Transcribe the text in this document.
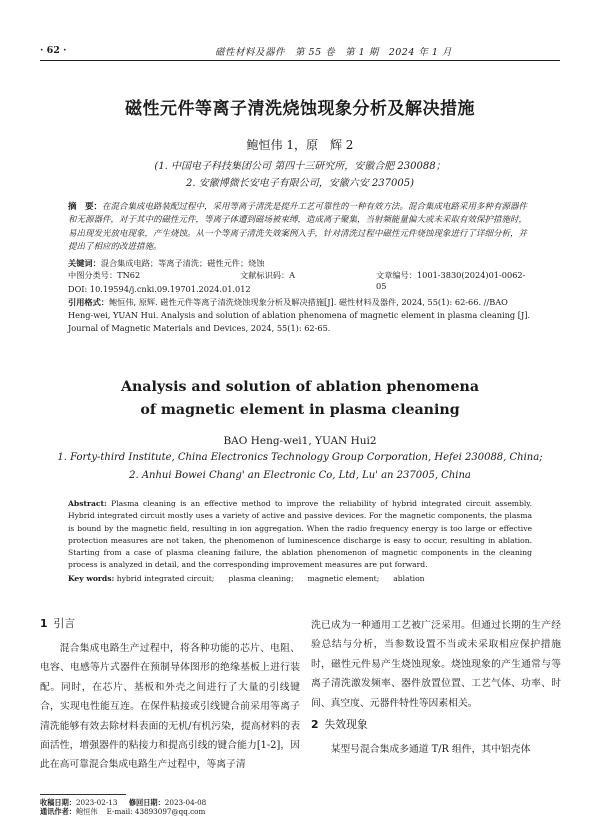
· 62 ·	磁性材料及器件　第 55 卷　第 1 期　2024 年 1 月
磁性元件等离子清洗烧蚀现象分析及解决措施
鲍恒伟 1，原　辉 2
(1. 中国电子科技集团公司 第四十三研究所，安徽合肥 230088；
2. 安徽博微长安电子有限公司，安徽六安 237005)
摘　要：在混合集成电路装配过程中，采用等离子清洗是提升工艺可靠性的一种有效方法。混合集成电路采用多种有源器件和无源器件，对于其中的磁性元件，等离子体遭到磁场被束缚，造成离子聚集，当射频能量偏大或未采取有效保护措施时，易出现发光放电现象，产生烧蚀。从一个等离子清洗失效案例入手，针对清洗过程中磁性元件烧蚀现象进行了详细分析，并提出了相应的改进措施。
关键词：混合集成电路；等离子清洗；磁性元件；烧蚀
中图分类号：TN62	文献标识码：A	文章编号：1001-3830(2024)01-0062-05
DOI: 10.19594/j.cnki.09.19701.2024.01.012
引用格式：鲍恒伟, 原辉. 磁性元件等离子清洗烧蚀现象分析及解决措施[J]. 磁性材料及器件, 2024, 55(1): 62-66. //BAO Heng-wei, YUAN Hui. Analysis and solution of ablation phenomena of magnetic element in plasma cleaning [J]. Journal of Magnetic Materials and Devices, 2024, 55(1): 62-65.
Analysis and solution of ablation phenomena
of magnetic element in plasma cleaning
BAO Heng-wei1, YUAN Hui2
1. Forty-third Institute, China Electronics Technology Group Corporation, Hefei 230088, China;
2. Anhui Bowei Chang' an Electronic Co, Ltd, Lu' an 237005, China
Abstract: Plasma cleaning is an effective method to improve the reliability of hybrid integrated circuit assembly. Hybrid integrated circuit mostly uses a variety of active and passive devices. For the magnetic components, the plasma is bound by the magnetic field, resulting in ion aggregation. When the radio frequency energy is too large or effective protection measures are not taken, the phenomenon of luminescence discharge is easy to occur, resulting in ablation. Starting from a case of plasma cleaning failure, the ablation phenomenon of magnetic components in the cleaning process is analyzed in detail, and the corresponding improvement measures are put forward.
Key words: hybrid integrated circuit; plasma cleaning; magnetic element; ablation
1 引言

混合集成电路生产过程中，将各种功能的芯片、电阻、电容、电感等片式器件在预制导体图形的绝缘基板上进行装配。同时，在芯片、基板和外壳之间进行了大量的引线键合，实现电性能互连。在保件粘接或引线键合前采用等离子清洗能够有效去除材料表面的无机/有机污染，提高材料的表面活性，增强器件的粘接力和提高引线的键合能力[1-2]，因此在高可靠混合集成电路生产过程中，等离子清

洗已成为一种通用工艺被广泛采用。但通过长期的生产经验总结与分析，当参数设置不当或未采取相应保护措施时，磁性元件易产生烧蚀现象。烧蚀现象的产生通常与等离子清洗激发频率、器件放置位置、工艺气体、功率、时间、真空度、元器件特性等因素相关。

2 失效现象

某型号混合集成多通道 T/R 组件，其中铝壳体

收稿日期：2023-02-13 修回日期：2023-04-08
通讯作者：鲍恒伟 E-mail: 43893097@qq.com
